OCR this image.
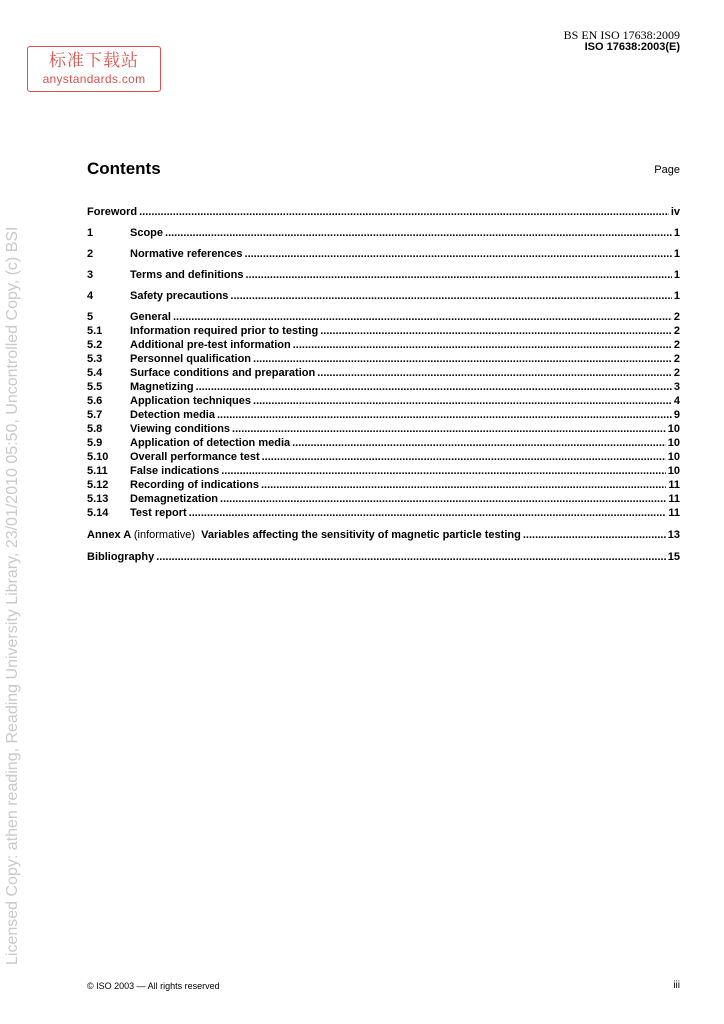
BS EN ISO 17638:2009
ISO 17638:2003(E)
标准下载站
anystandards.com
Licensed Copy: athen reading, Reading University Library, 23/01/2010 05:50, Uncontrolled Copy, (c) BSI
Contents	Page
Foreword .....	iv
1	Scope .....	1
2	Normative references .....	1
3	Terms and definitions .....	1
4	Safety precautions .....	1
5	General .....	2
5.1	Information required prior to testing .....	2
5.2	Additional pre-test information .....	2
5.3	Personnel qualification .....	2
5.4	Surface conditions and preparation .....	2
5.5	Magnetizing .....	3
5.6	Application techniques .....	4
5.7	Detection media .....	9
5.8	Viewing conditions .....	10
5.9	Application of detection media .....	10
5.10	Overall performance test .....	10
5.11	False indications .....	10
5.12	Recording of indications .....	11
5.13	Demagnetization .....	11
5.14	Test report .....	11
Annex A (informative) Variables affecting the sensitivity of magnetic particle testing .....	13
Bibliography .....	15
© ISO 2003 — All rights reserved	iii
